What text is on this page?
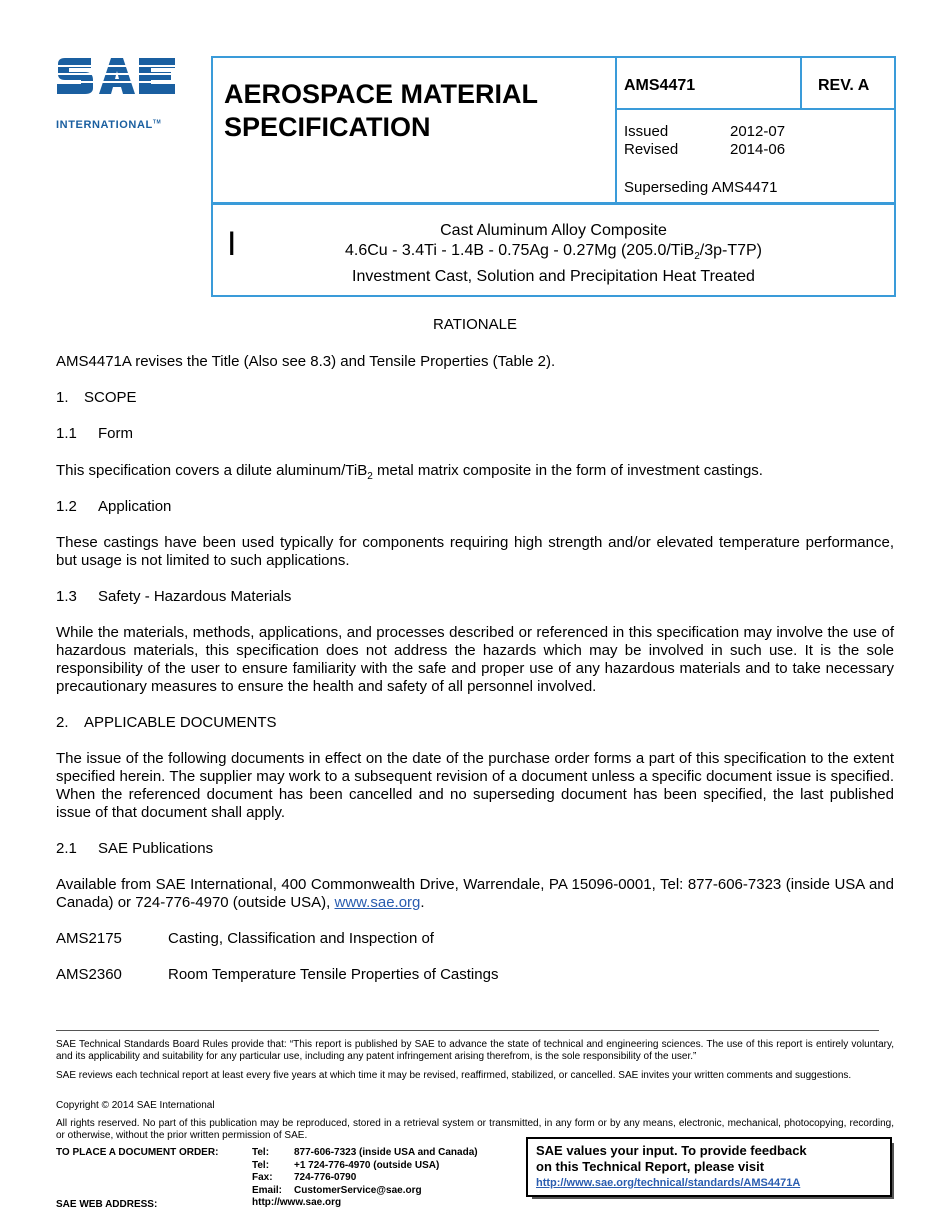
INTERNATIONAL™
AEROSPACE MATERIAL
SPECIFICATION
AMS4471	REV. A
Issued	2012-07
Revised	2014-06
Superseding AMS4471
I	Cast Aluminum Alloy Composite
4.6Cu - 3.4Ti - 1.4B - 0.75Ag - 0.27Mg (205.0/TiB$_2$/3p-T7P)
Investment Cast, Solution and Precipitation Heat Treated
RATIONALE
AMS4471A revises the Title (Also see 8.3) and Tensile Properties (Table 2).
1. SCOPE
1.1 Form
This specification covers a dilute aluminum/TiB$_2$ metal matrix composite in the form of investment castings.
1.2 Application
These castings have been used typically for components requiring high strength and/or elevated temperature performance, but usage is not limited to such applications.
1.3 Safety - Hazardous Materials
While the materials, methods, applications, and processes described or referenced in this specification may involve the use of hazardous materials, this specification does not address the hazards which may be involved in such use. It is the sole responsibility of the user to ensure familiarity with the safe and proper use of any hazardous materials and to take necessary precautionary measures to ensure the health and safety of all personnel involved.
2. APPLICABLE DOCUMENTS
The issue of the following documents in effect on the date of the purchase order forms a part of this specification to the extent specified herein. The supplier may work to a subsequent revision of a document unless a specific document issue is specified. When the referenced document has been cancelled and no superseding document has been specified, the last published issue of that document shall apply.
2.1 SAE Publications
Available from SAE International, 400 Commonwealth Drive, Warrendale, PA 15096-0001, Tel: 877-606-7323 (inside USA and Canada) or 724-776-4970 (outside USA), www.sae.org.
AMS2175	Casting, Classification and Inspection of
AMS2360	Room Temperature Tensile Properties of Castings
SAE Technical Standards Board Rules provide that: “This report is published by SAE to advance the state of technical and engineering sciences. The use of this report is entirely voluntary, and its applicability and suitability for any particular use, including any patent infringement arising therefrom, is the sole responsibility of the user.”
SAE reviews each technical report at least every five years at which time it may be revised, reaffirmed, stabilized, or cancelled. SAE invites your written comments and suggestions.
Copyright © 2014 SAE International
All rights reserved. No part of this publication may be reproduced, stored in a retrieval system or transmitted, in any form or by any means, electronic, mechanical, photocopying, recording, or otherwise, without the prior written permission of SAE.
TO PLACE A DOCUMENT ORDER:
SAE WEB ADDRESS:
Tel: 877-606-7323 (inside USA and Canada)
Tel: +1 724-776-4970 (outside USA)
Fax: 724-776-0790
Email: CustomerService@sae.org
http://www.sae.org
SAE values your input. To provide feedback
on this Technical Report, please visit
http://www.sae.org/technical/standards/AMS4471A
